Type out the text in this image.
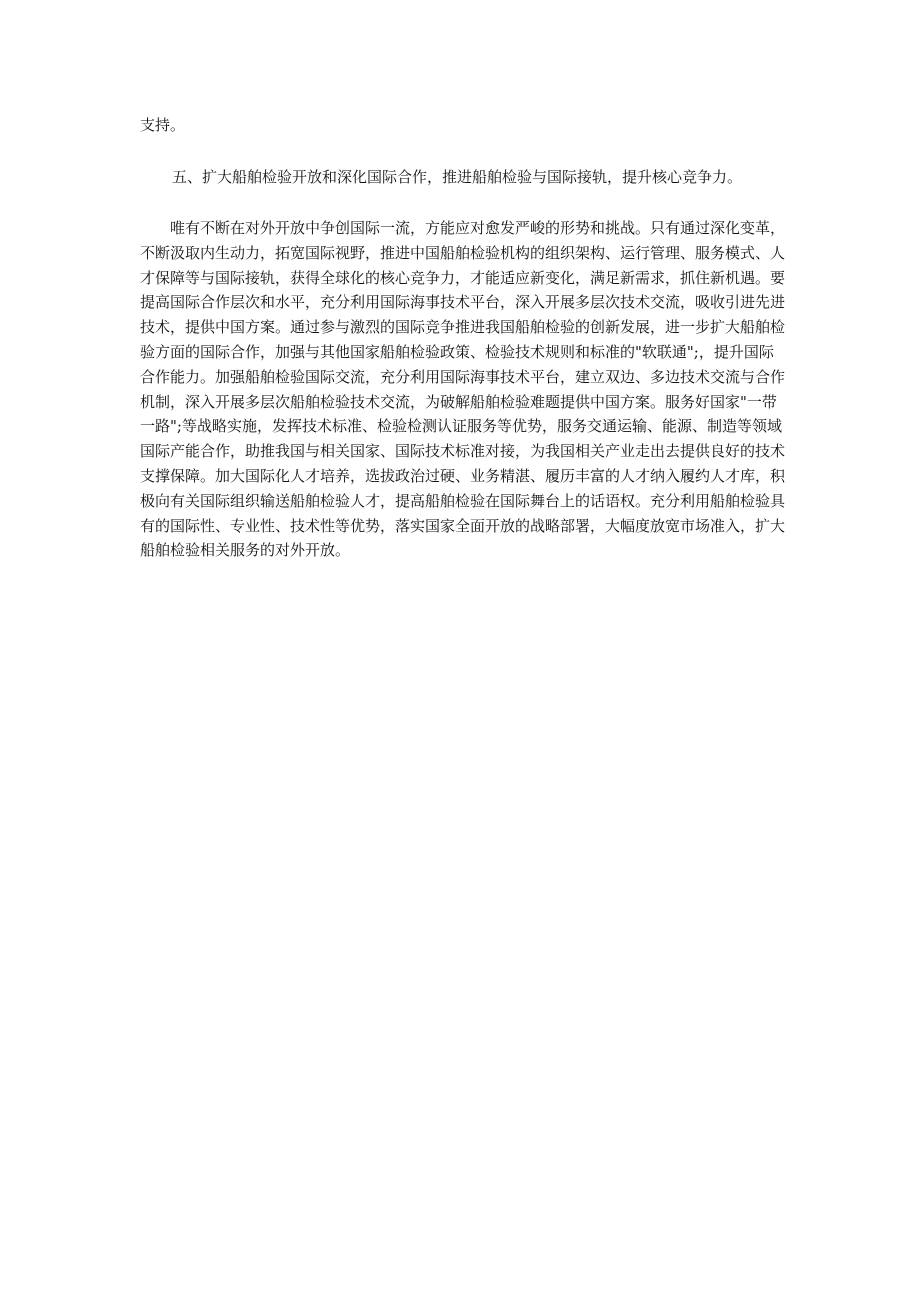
支持。

五、扩大船舶检验开放和深化国际合作，推进船舶检验与国际接轨，提升核心竞争力。

唯有不断在对外开放中争创国际一流，方能应对愈发严峻的形势和挑战。只有通过深化变革，不断汲取内生动力，拓宽国际视野，推进中国船舶检验机构的组织架构、运行管理、服务模式、人才保障等与国际接轨，获得全球化的核心竞争力，才能适应新变化，满足新需求，抓住新机遇。要提高国际合作层次和水平，充分利用国际海事技术平台，深入开展多层次技术交流，吸收引进先进技术，提供中国方案。通过参与激烈的国际竞争推进我国船舶检验的创新发展，进一步扩大船舶检验方面的国际合作，加强与其他国家船舶检验政策、检验技术规则和标准的"软联通";，提升国际合作能力。加强船舶检验国际交流，充分利用国际海事技术平台，建立双边、多边技术交流与合作机制，深入开展多层次船舶检验技术交流，为破解船舶检验难题提供中国方案。服务好国家"一带一路";等战略实施，发挥技术标准、检验检测认证服务等优势，服务交通运输、能源、制造等领域国际产能合作，助推我国与相关国家、国际技术标准对接，为我国相关产业走出去提供良好的技术支撑保障。加大国际化人才培养，选拔政治过硬、业务精湛、履历丰富的人才纳入履约人才库，积极向有关国际组织输送船舶检验人才，提高船舶检验在国际舞台上的话语权。充分利用船舶检验具有的国际性、专业性、技术性等优势，落实国家全面开放的战略部署，大幅度放宽市场准入，扩大船舶检验相关服务的对外开放。
